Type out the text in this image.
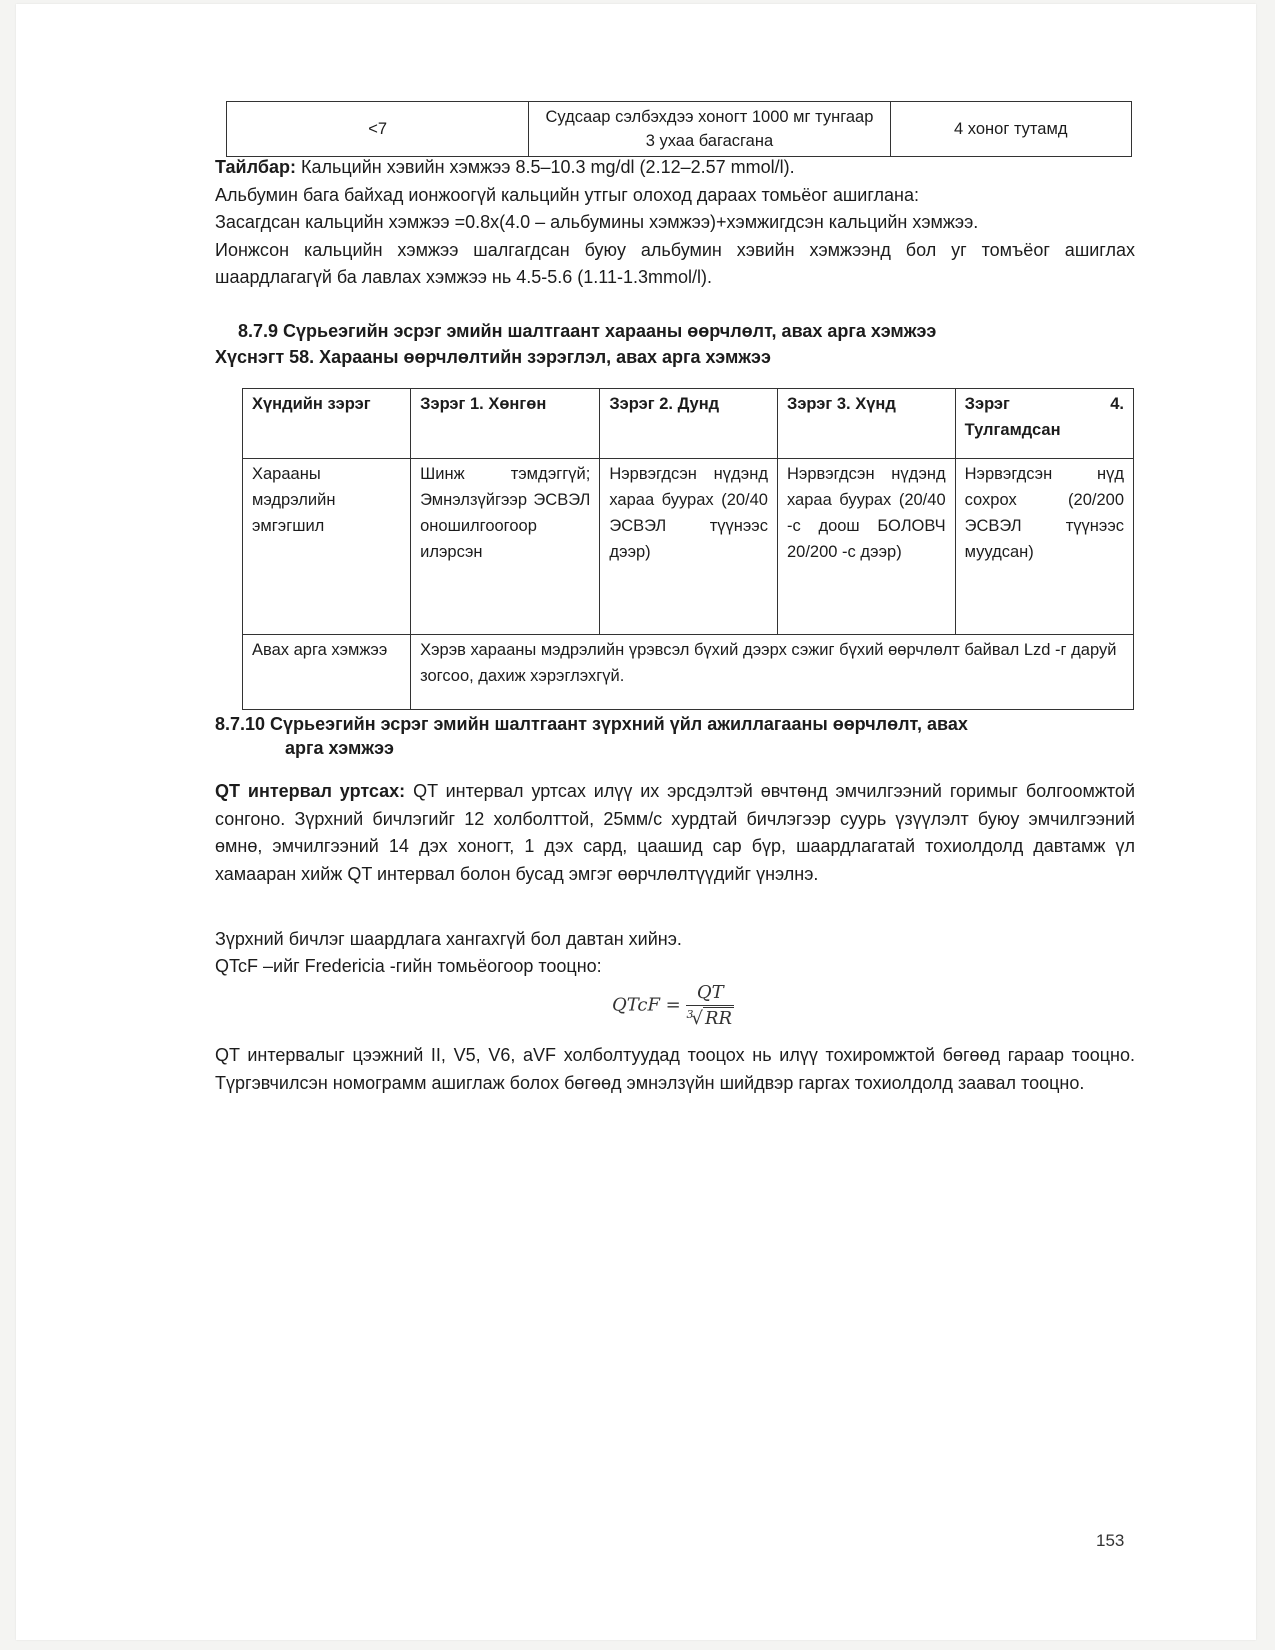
<7	Судсаар сэлбэхдээ хоногт 1000 мг тунгаар 3 ухаа багасгана	4 хоног тутамд
Тайлбар: Кальцийн хэвийн хэмжээ 8.5–10.3 mg/dl (2.12–2.57 mmol/l).
Альбумин бага байхад ионжоогүй кальцийн утгыг олоход дараах томьёог ашиглана:
Засагдсан кальцийн хэмжээ =0.8x(4.0 – альбумины хэмжээ)+хэмжигдсэн кальцийн хэмжээ.
Ионжсон кальцийн хэмжээ шалгагдсан буюу альбумин хэвийн хэмжээнд бол уг томъёог ашиглах шаардлагагүй ба лавлах хэмжээ нь 4.5-5.6 (1.11-1.3mmol/l).
8.7.9 Сүрьеэгийн эсрэг эмийн шалтгаант харааны өөрчлөлт, авах арга хэмжээ
Хүснэгт 58. Харааны өөрчлөлтийн зэрэглэл, авах арга хэмжээ
Хүндийн зэрэг	Зэрэг 1. Хөнгөн	Зэрэг 2. Дунд	Зэрэг 3. Хүнд	Зэрэг 4. Тулгамдсан
Харааны мэдрэлийн эмгэгшил	Шинж тэмдэггүй; Эмнэлзүйгээр ЭСВЭЛ оношилгоогоор илэрсэн	Нэрвэгдсэн нүдэнд хараа буурах (20/40 ЭСВЭЛ түүнээс дээр)	Нэрвэгдсэн нүдэнд хараа буурах (20/40 -с доош БОЛОВЧ 20/200 -с дээр)	Нэрвэгдсэн нүд сохрох (20/200 ЭСВЭЛ түүнээс муудсан)
Авах арга хэмжээ	Хэрэв харааны мэдрэлийн үрэвсэл бүхий дээрх сэжиг бүхий өөрчлөлт байвал Lzd -г даруй зогсоо, дахиж хэрэглэхгүй.			
8.7.10 Сүрьеэгийн эсрэг эмийн шалтгаант зүрхний үйл ажиллагааны өөрчлөлт, авах
арга хэмжээ
QT интервал уртсах: QT интервал уртсах илүү их эрсдэлтэй өвчтөнд эмчилгээний горимыг болгоомжтой сонгоно. Зүрхний бичлэгийг 12 холболттой, 25мм/с хурдтай бичлэгээр суурь үзүүлэлт буюу эмчилгээний өмнө, эмчилгээний 14 дэх хоногт, 1 дэх сард, цаашид сар бүр, шаардлагатай тохиолдолд давтамж үл хамааран хийж QT интервал болон бусад эмгэг өөрчлөлтүүдийг үнэлнэ.
Зүрхний бичлэг шаардлага хангахгүй бол давтан хийнэ.
QTcF –ийг Fredericia -гийн томьёогоор тооцно:
QTcF = $\frac{QT}{^3√ RR}$
QT интервалыг цээжний II, V5, V6, aVF холболтуудад тооцох нь илүү тохиромжтой бөгөөд гараар тооцно. Түргэвчилсэн номограмм ашиглаж болох бөгөөд эмнэлзүйн шийдвэр гаргах тохиолдолд заавал тооцно.
153
